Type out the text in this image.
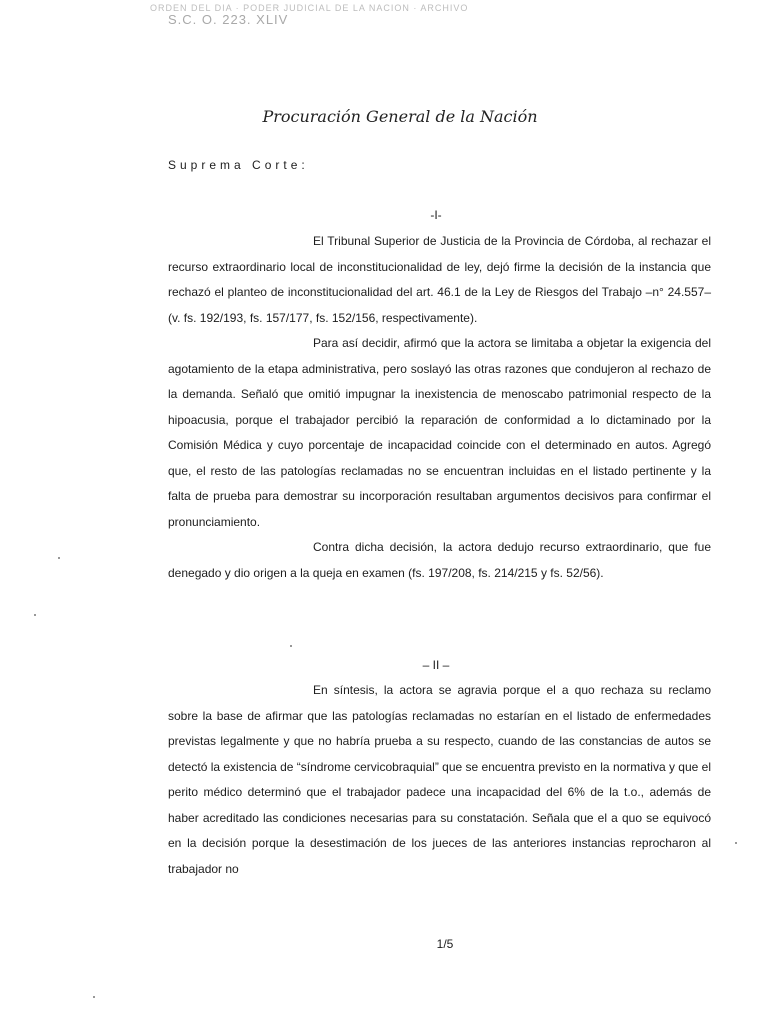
ORDEN DEL DIA · PODER JUDICIAL DE LA NACION · ARCHIVO
S.C. O. 223. XLIV
Procuración General de la Nación
Suprema Corte:
-I-

El Tribunal Superior de Justicia de la Provincia de Córdoba, al rechazar el recurso extraordinario local de inconstitucionalidad de ley, dejó firme la decisión de la instancia que rechazó el planteo de inconstitucionalidad del art. 46.1 de la Ley de Riesgos del Trabajo –n° 24.557– (v. fs. 192/193, fs. 157/177, fs. 152/156, respectivamente).

Para así decidir, afirmó que la actora se limitaba a objetar la exigencia del agotamiento de la etapa administrativa, pero soslayó las otras razones que condujeron al rechazo de la demanda. Señaló que omitió impugnar la inexistencia de menoscabo patrimonial respecto de la hipoacusia, porque el trabajador percibió la reparación de conformidad a lo dictaminado por la Comisión Médica y cuyo porcentaje de incapacidad coincide con el determinado en autos. Agregó que, el resto de las patologías reclamadas no se encuentran incluidas en el listado pertinente y la falta de prueba para demostrar su incorporación resultaban argumentos decisivos para confirmar el pronunciamiento.

Contra dicha decisión, la actora dedujo recurso extraordinario, que fue denegado y dio origen a la queja en examen (fs. 197/208, fs. 214/215 y fs. 52/56).

– II –

En síntesis, la actora se agravia porque el a quo rechaza su reclamo sobre la base de afirmar que las patologías reclamadas no estarían en el listado de enfermedades previstas legalmente y que no habría prueba a su respecto, cuando de las constancias de autos se detectó la existencia de “síndrome cervicobraquial” que se encuentra previsto en la normativa y que el perito médico determinó que el trabajador padece una incapacidad del 6% de la t.o., además de haber acreditado las condiciones necesarias para su constatación. Señala que el a quo se equivocó en la decisión porque la desestimación de los jueces de las anteriores instancias reprocharon al trabajador no

1/5
